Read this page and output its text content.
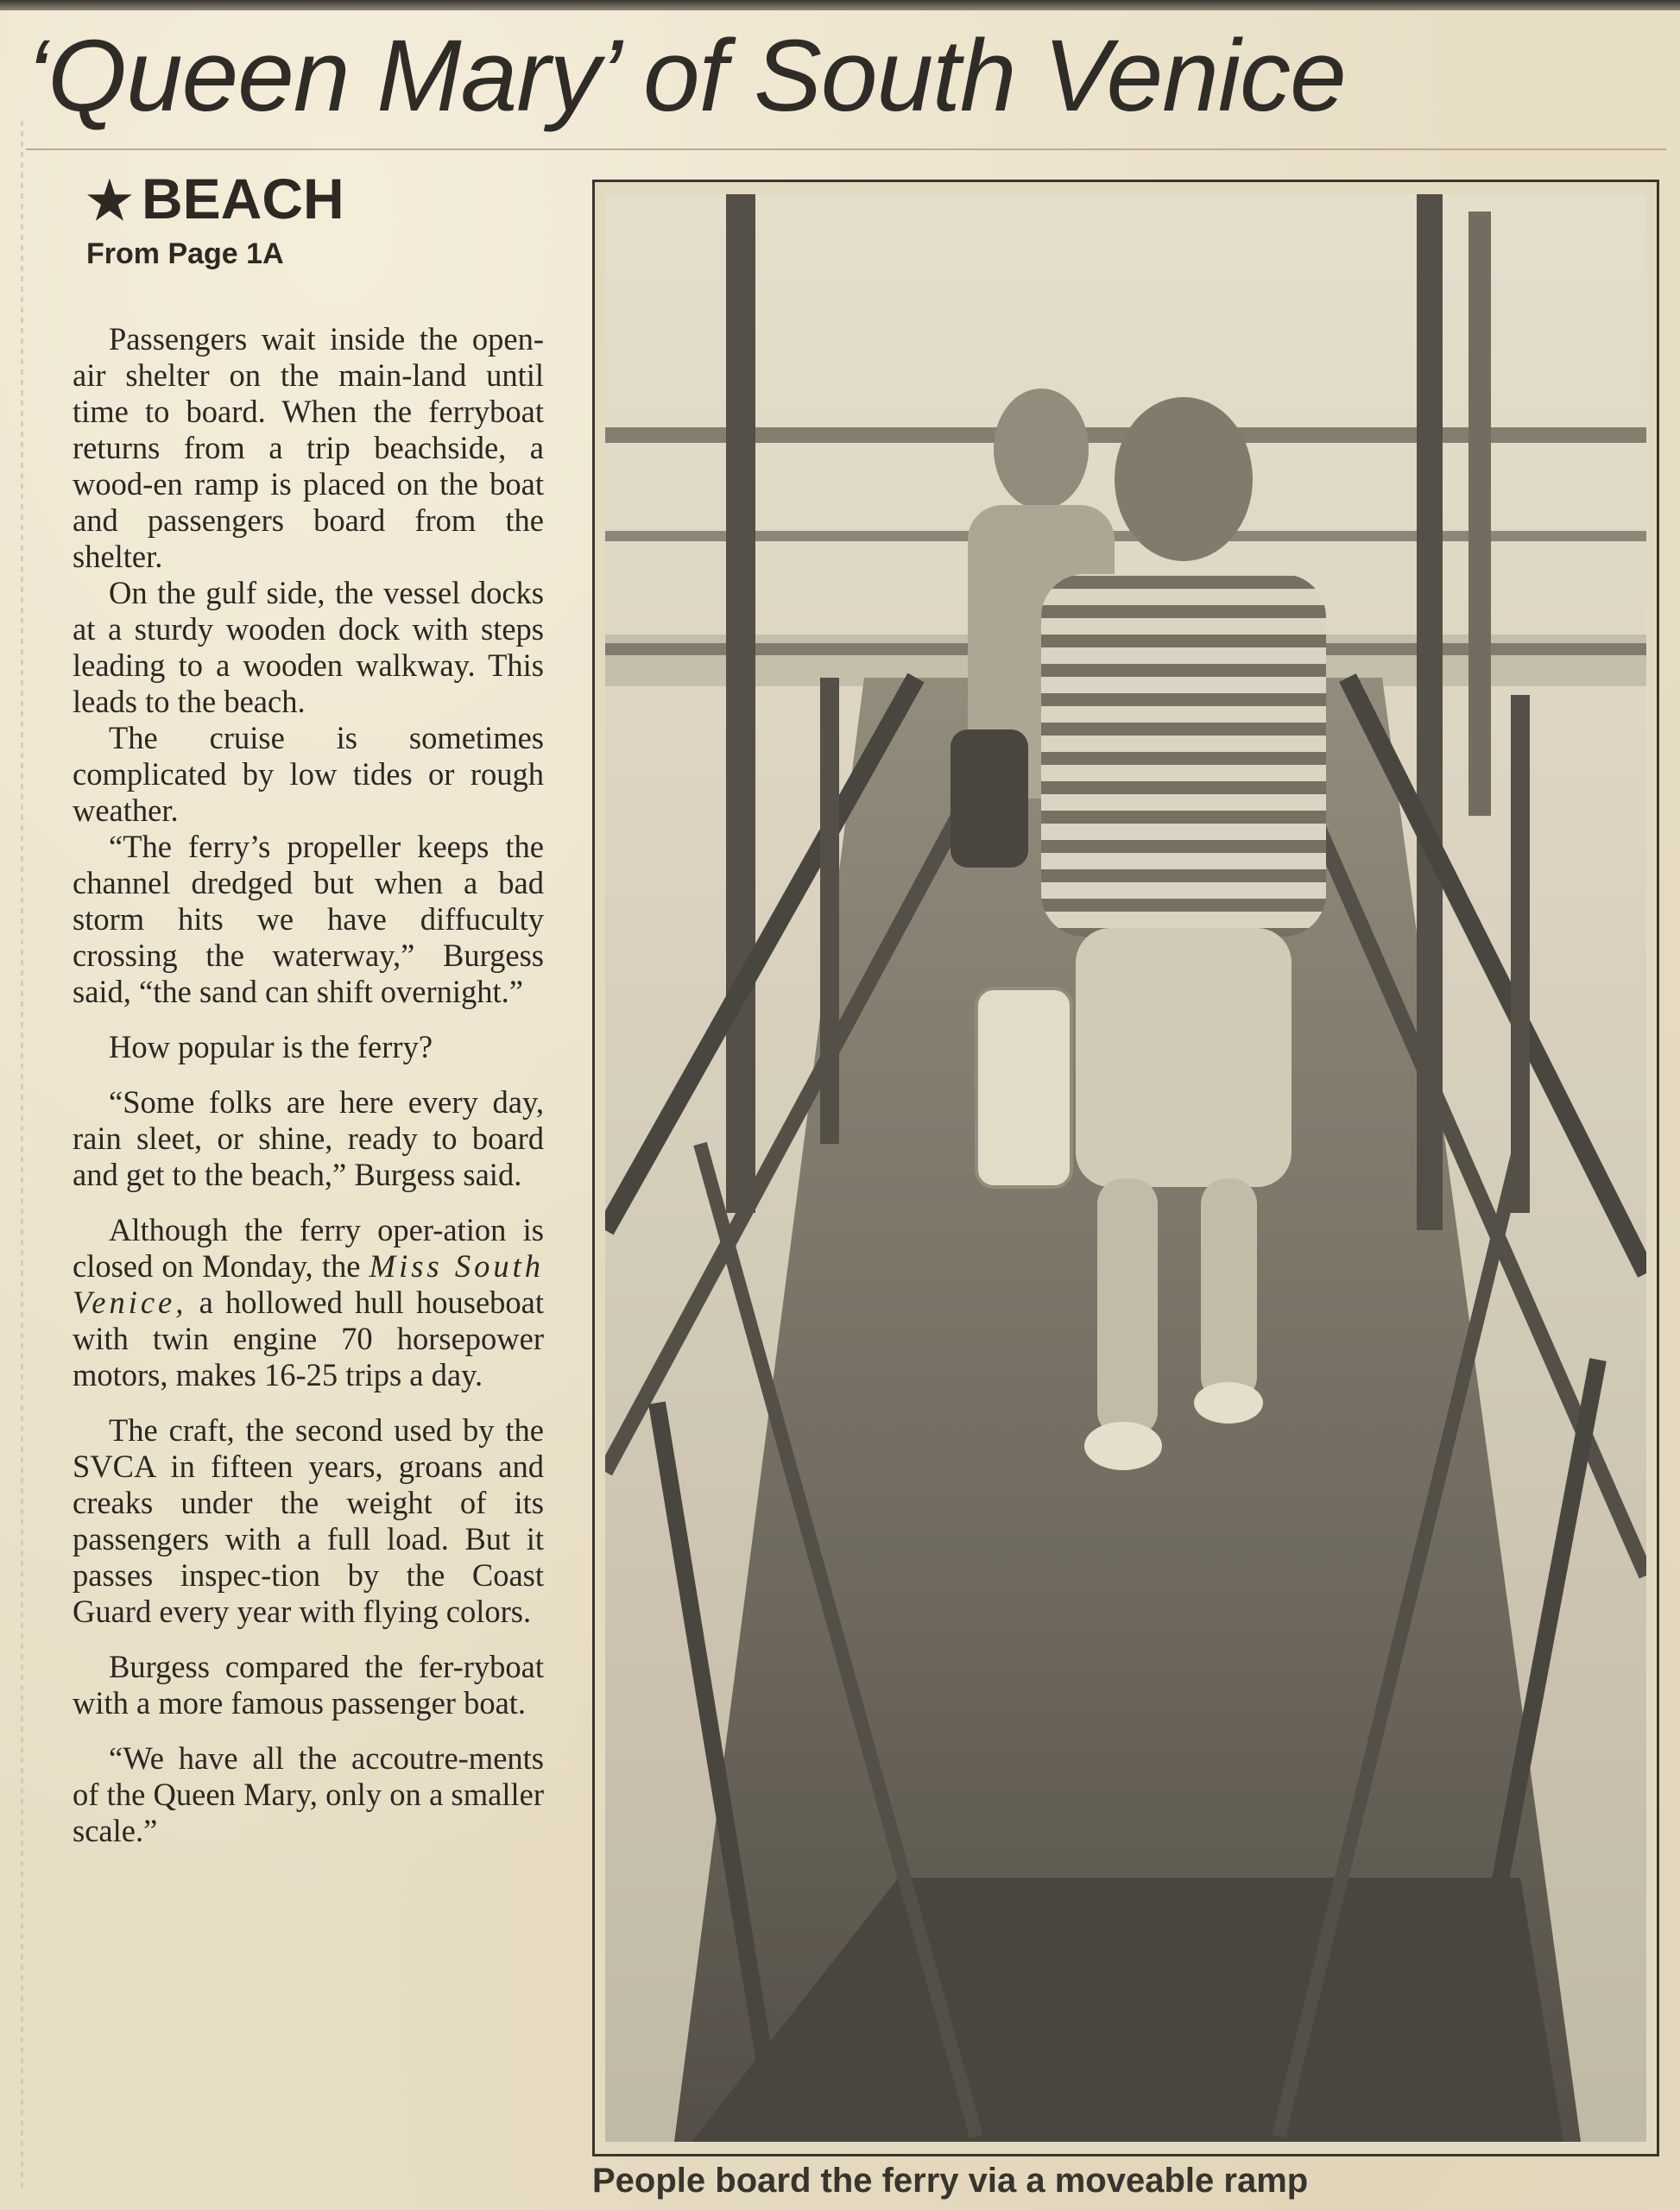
‘Queen Mary’ of South Venice
★ BEACH
From Page 1A

Passengers wait inside the open-air shelter on the main-land until time to board. When the ferryboat returns from a trip beachside, a wood-en ramp is placed on the boat and passengers board from the shelter.

On the gulf side, the vessel docks at a sturdy wooden dock with steps leading to a wooden walkway. This leads to the beach.

The cruise is sometimes complicated by low tides or rough weather.

“The ferry’s propeller keeps the channel dredged but when a bad storm hits we have diffuculty crossing the waterway,” Burgess said, “the sand can shift overnight.”

How popular is the ferry?

“Some folks are here every day, rain sleet, or shine, ready to board and get to the beach,” Burgess said.

Although the ferry oper-ation is closed on Monday, the Miss South Venice, a hollowed hull houseboat with twin engine 70 horsepower motors, makes 16-25 trips a day.

The craft, the second used by the SVCA in fifteen years, groans and creaks under the weight of its passengers with a full load. But it passes inspec-tion by the Coast Guard every year with flying colors.

Burgess compared the fer-ryboat with a more famous passenger boat.

“We have all the accoutre-ments of the Queen Mary, only on a smaller scale.”

People board the ferry via a moveable ramp
